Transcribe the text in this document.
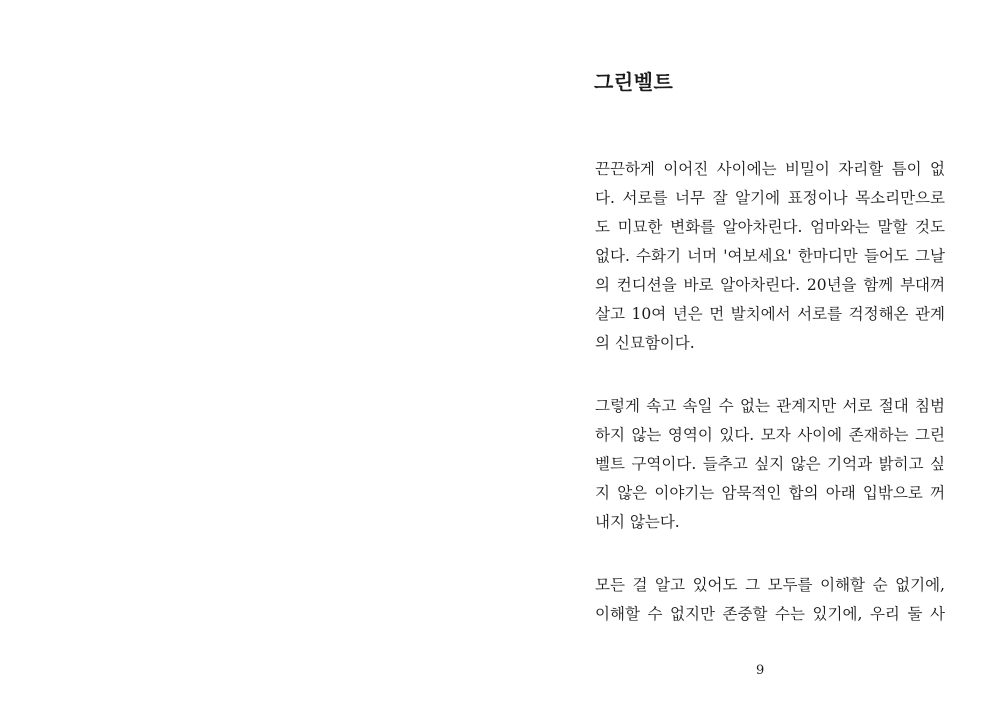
그린벨트

끈끈하게 이어진 사이에는 비밀이 자리할 틈이 없
다. 서로를 너무 잘 알기에 표정이나 목소리만으로
도 미묘한 변화를 알아차린다. 엄마와는 말할 것도
없다. 수화기 너머 '여보세요' 한마디만 들어도 그날
의 컨디션을 바로 알아차린다. 20년을 함께 부대껴
살고 10여 년은 먼 발치에서 서로를 걱정해온 관계
의 신묘함이다.

그렇게 속고 속일 수 없는 관계지만 서로 절대 침범
하지 않는 영역이 있다. 모자 사이에 존재하는 그린
벨트 구역이다. 들추고 싶지 않은 기억과 밝히고 싶
지 않은 이야기는 암묵적인 합의 아래 입밖으로 꺼
내지 않는다.

모든 걸 알고 있어도 그 모두를 이해할 순 없기에,
이해할 수 없지만 존중할 수는 있기에, 우리 둘 사

9
